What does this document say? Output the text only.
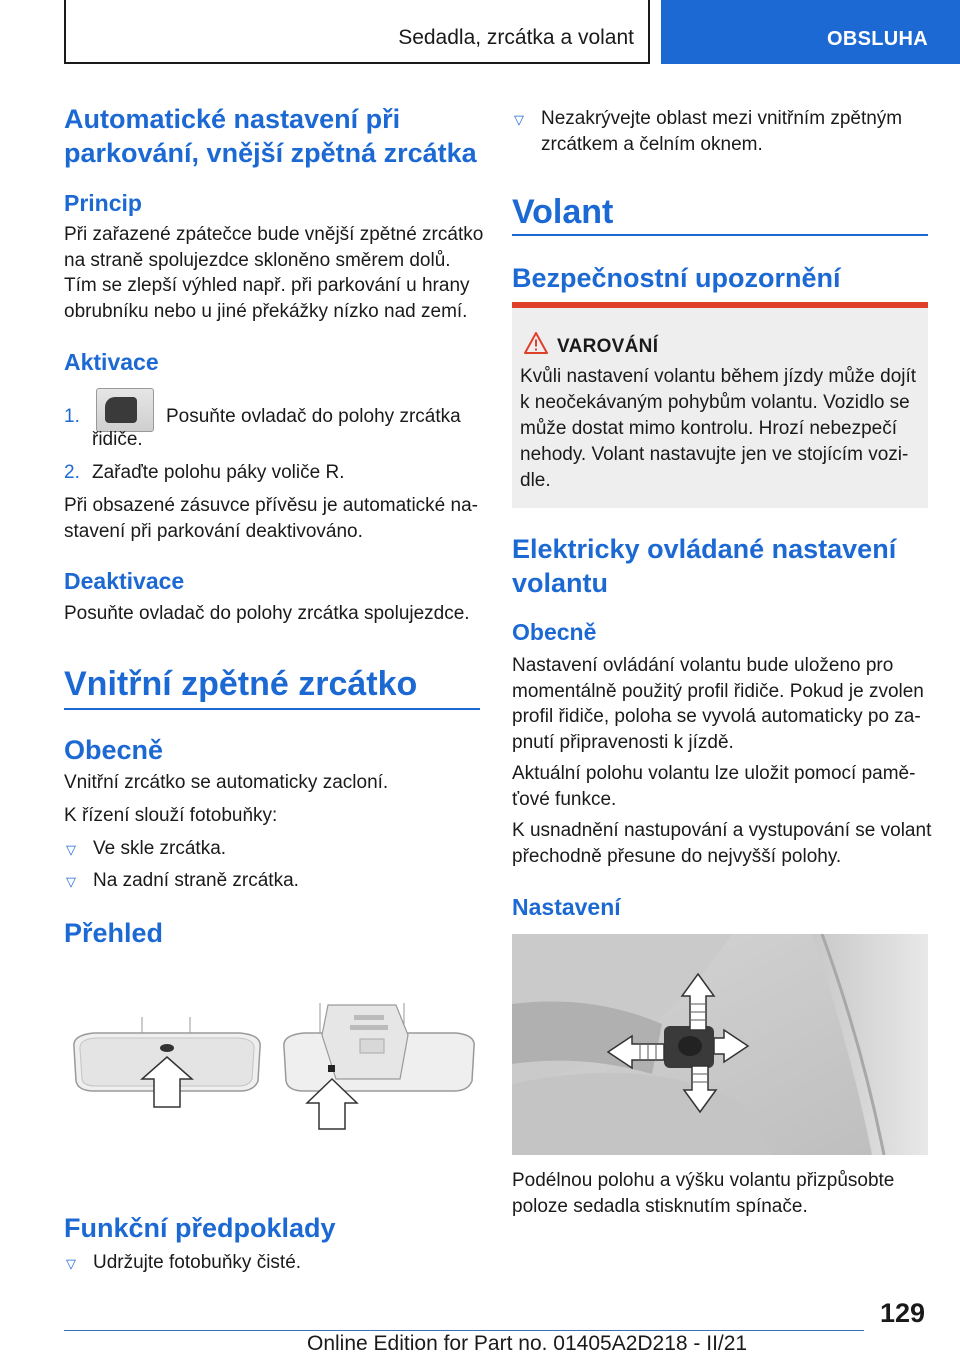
Sedadla, zrcátka a volant	OBSLUHA
Automatické nastavení při
parkování, vnější zpětná zrcátka
Princip
Při zařazené zpátečce bude vnější zpětné zrcátko
na straně spolujezdce skloněno směrem dolů.
Tím se zlepší výhled např. při parkování u hrany
obrubníku nebo u jiné překážky nízko nad zemí.
Aktivace
1.	Posuňte ovladač do polohy zrcátka
řidiče.
2. Zařaďte polohu páky voliče R.
Při obsazené zásuvce přívěsu je automatické na‐
stavení při parkování deaktivováno.
Deaktivace
Posuňte ovladač do polohy zrcátka spolujezdce.
Vnitřní zpětné zrcátko
Obecně
Vnitřní zrcátko se automaticky zacloní.
K řízení slouží fotobuňky:
▽ Ve skle zrcátka.
▽ Na zadní straně zrcátka.
Přehled
Funkční předpoklady
▽ Udržujte fotobuňky čisté.
▽ Nezakrývejte oblast mezi vnitřním zpětným
zrcátkem a čelním oknem.
Volant
Bezpečnostní upozornění
VAROVÁNÍ
Kvůli nastavení volantu během jízdy může dojít
k neočekávaným pohybům volantu. Vozidlo se
může dostat mimo kontrolu. Hrozí nebezpečí
nehody. Volant nastavujte jen ve stojícím vozi‐
dle.
Elektricky ovládané nastavení
volantu
Obecně
Nastavení ovládání volantu bude uloženo pro
momentálně použitý profil řidiče. Pokud je zvolen
profil řidiče, poloha se vyvolá automaticky po za‐
pnutí připravenosti k jízdě.
Aktuální polohu volantu lze uložit pomocí pamě‐
ťové funkce.
K usnadnění nastupování a vystupování se volant
přechodně přesune do nejvyšší polohy.
Nastavení
Podélnou polohu a výšku volantu přizpůsobte
poloze sedadla stisknutím spínače.
129
Online Edition for Part no. 01405A2D218 - II/21
